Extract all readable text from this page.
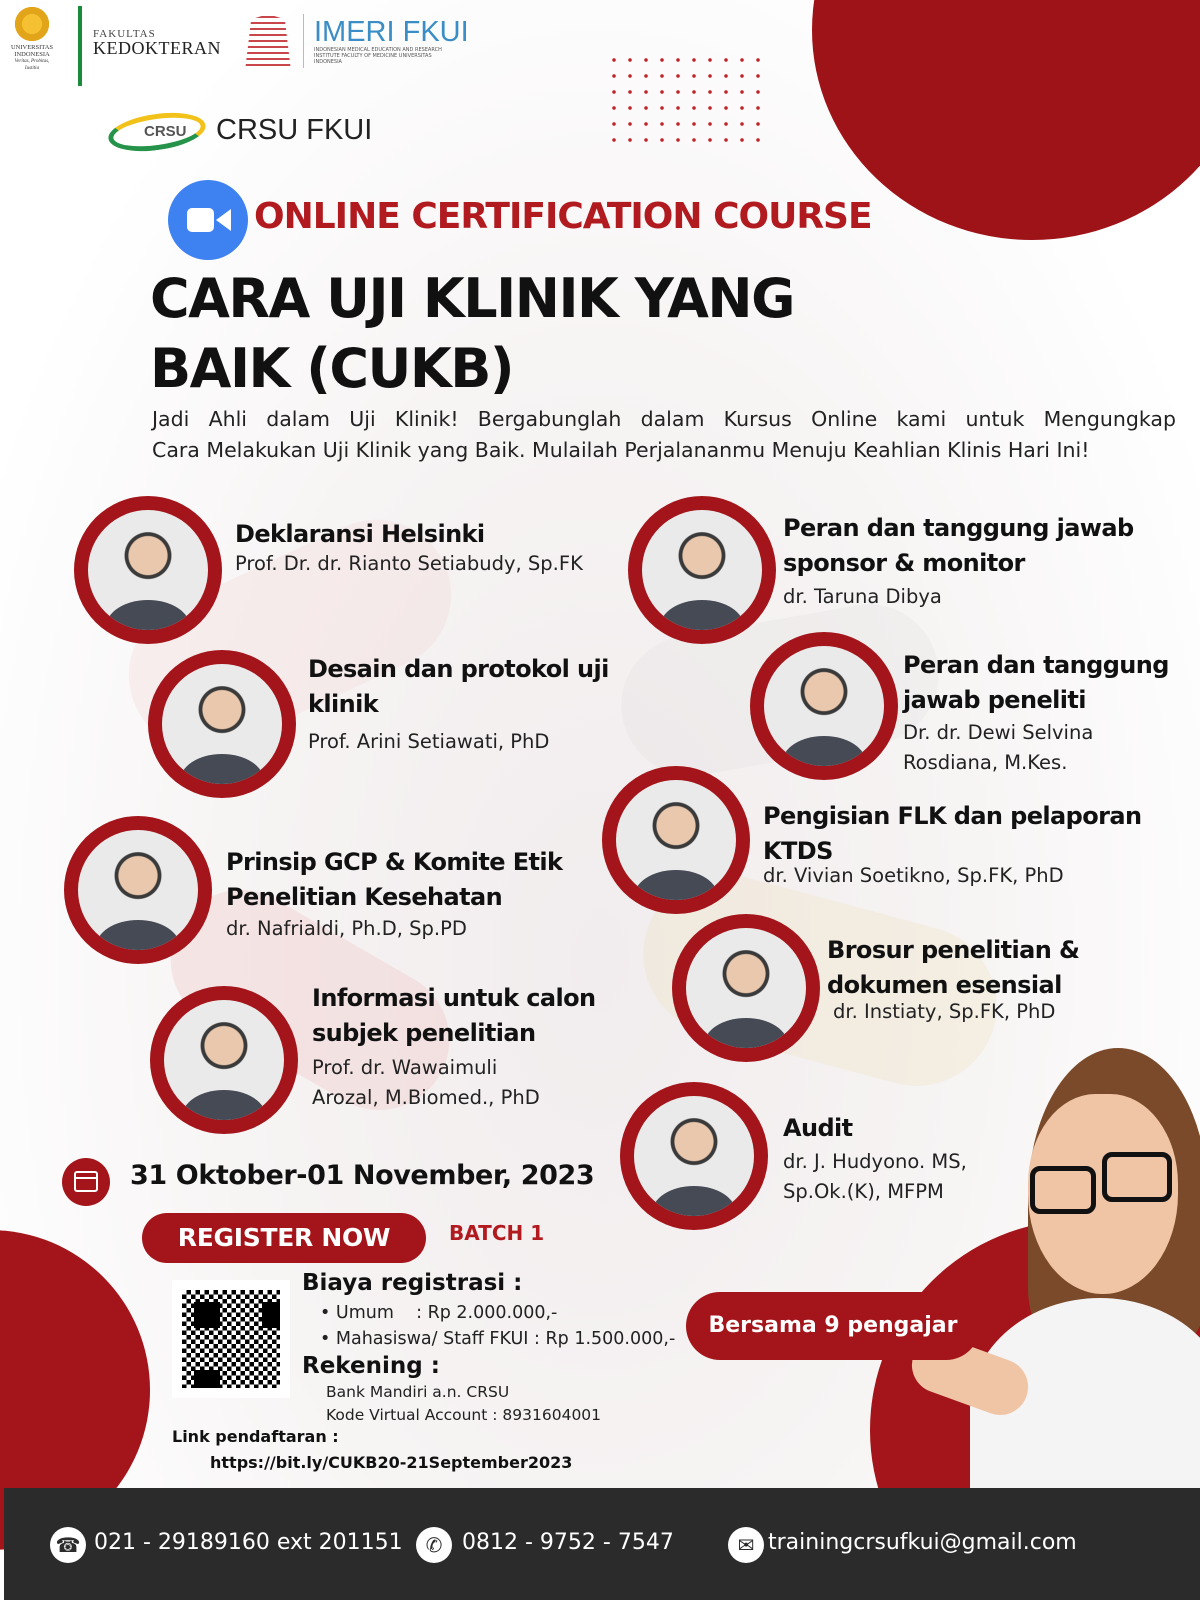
UNIVERSITAS INDONESIA
Veritas, Probitas, Iustitia
FAKULTAS
KEDOKTERAN	IMERI FKUI
INDONESIAN MEDICAL EDUCATION AND RESEARCH INSTITUTE FACULTY OF MEDICINE UNIVERSITAS INDONESIA
CRSU CRSU FKUI
ONLINE CERTIFICATION COURSE
CARA UJI KLINIK YANG
BAIK (CUKB)
Jadi Ahli dalam Uji Klinik! Bergabunglah dalam Kursus Online kami untuk Mengungkap
Cara Melakukan Uji Klinik yang Baik. Mulailah Perjalananmu Menuju Keahlian Klinis Hari Ini!
Deklaransi Helsinki
Prof. Dr. dr. Rianto Setiabudy, Sp.FK
Desain dan protokol uji
klinik
Prof. Arini Setiawati, PhD
Prinsip GCP & Komite Etik
Penelitian Kesehatan
dr. Nafrialdi, Ph.D, Sp.PD
Informasi untuk calon
subjek penelitian
Prof. dr. Wawaimuli
Arozal, M.Biomed., PhD
Peran dan tanggung jawab
sponsor & monitor
dr. Taruna Dibya
Peran dan tanggung
jawab peneliti
Dr. dr. Dewi Selvina
Rosdiana, M.Kes.
Pengisian FLK dan pelaporan
KTDS
dr. Vivian Soetikno, Sp.FK, PhD
Brosur penelitian &
dokumen esensial
dr. Instiaty, Sp.FK, PhD
Audit
dr. J. Hudyono. MS,
Sp.Ok.(K), MFPM
31 Oktober-01 November, 2023
REGISTER NOW	BATCH 1
Biaya registrasi :
• Umum    : Rp 2.000.000,-
• Mahasiswa/ Staff FKUI : Rp 1.500.000,-
Rekening :
Bank Mandiri a.n. CRSU
Kode Virtual Account : 8931604001
Link pendaftaran :
https://bit.ly/CUKB20-21September2023
Bersama 9 pengajar
☎ 021 - 29189160 ext 201151	✆ 0812 - 9752 - 7547	✉ trainingcrsufkui@gmail.com
